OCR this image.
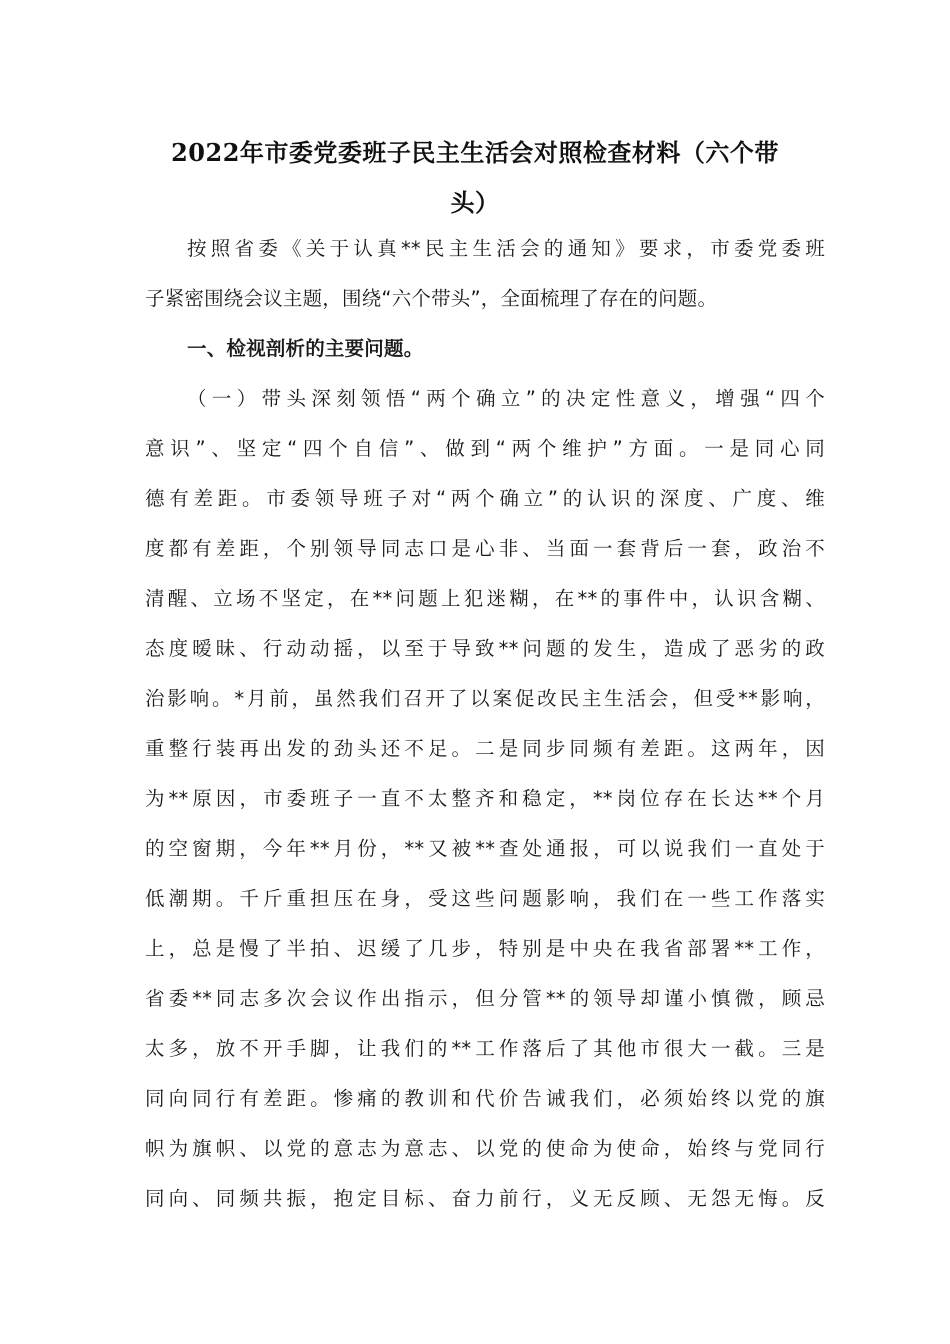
2022年市委党委班子民主生活会对照检查材料（六个带
头）
按照省委《关于认真**民主生活会的通知》要求，市委党委班
子紧密围绕会议主题，围绕“六个带头”，全面梳理了存在的问题。
一、检视剖析的主要问题。
（一）带头深刻领悟“两个确立”的决定性意义，增强“四个
意识”、坚定“四个自信”、做到“两个维护”方面。一是同心同
德有差距。市委领导班子对“两个确立”的认识的深度、广度、维
度都有差距，个别领导同志口是心非、当面一套背后一套，政治不
清醒、立场不坚定，在**问题上犯迷糊，在**的事件中，认识含糊、
态度暧昧、行动动摇，以至于导致**问题的发生，造成了恶劣的政
治影响。*月前，虽然我们召开了以案促改民主生活会，但受**影响，
重整行装再出发的劲头还不足。二是同步同频有差距。这两年，因
为**原因，市委班子一直不太整齐和稳定，**岗位存在长达**个月
的空窗期，今年**月份，**又被**查处通报，可以说我们一直处于
低潮期。千斤重担压在身，受这些问题影响，我们在一些工作落实
上，总是慢了半拍、迟缓了几步，特别是中央在我省部署**工作，
省委**同志多次会议作出指示，但分管**的领导却谨小慎微，顾忌
太多，放不开手脚，让我们的**工作落后了其他市很大一截。三是
同向同行有差距。惨痛的教训和代价告诫我们，必须始终以党的旗
帜为旗帜、以党的意志为意志、以党的使命为使命，始终与党同行
同向、同频共振，抱定目标、奋力前行，义无反顾、无怨无悔。反
